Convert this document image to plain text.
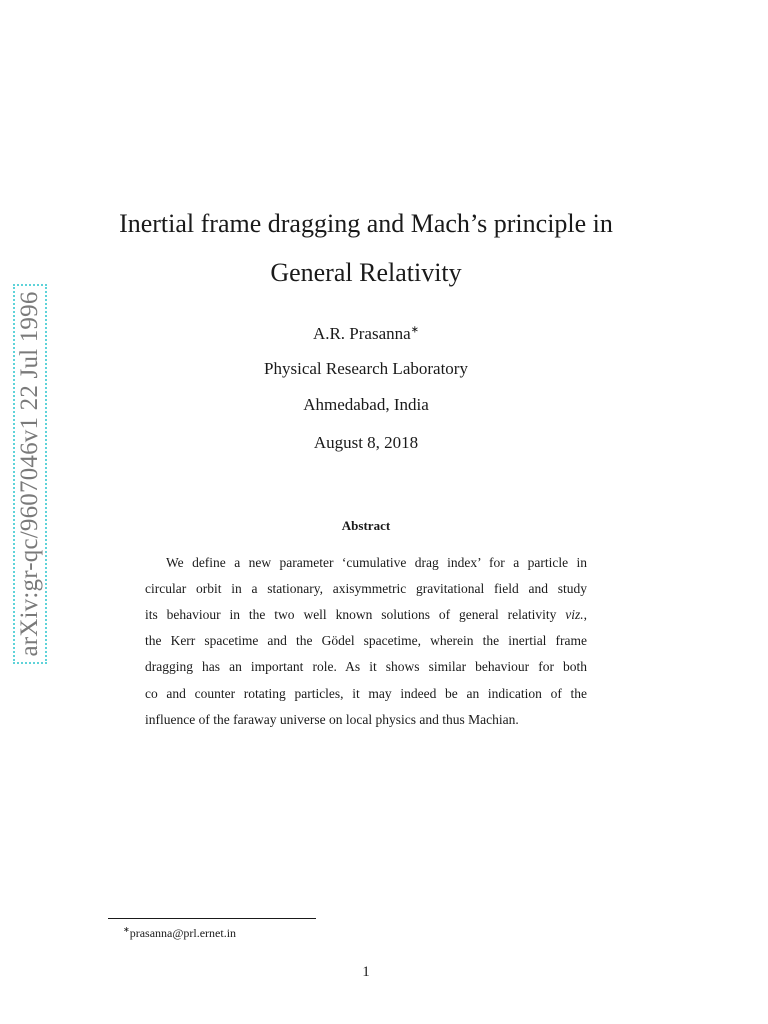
arXiv:gr-qc/9607046v1 22 Jul 1996
Inertial frame dragging and Mach’s principle in
General Relativity
A.R. Prasanna∗
Physical Research Laboratory
Ahmedabad, India
August 8, 2018
Abstract
We define a new parameter ‘cumulative drag index’ for a particle in
circular orbit in a stationary, axisymmetric gravitational field and study
its behaviour in the two well known solutions of general relativity viz.,
the Kerr spacetime and the Gödel spacetime, wherein the inertial frame
dragging has an important role. As it shows similar behaviour for both
co and counter rotating particles, it may indeed be an indication of the
influence of the faraway universe on local physics and thus Machian.
∗prasanna@prl.ernet.in
1
